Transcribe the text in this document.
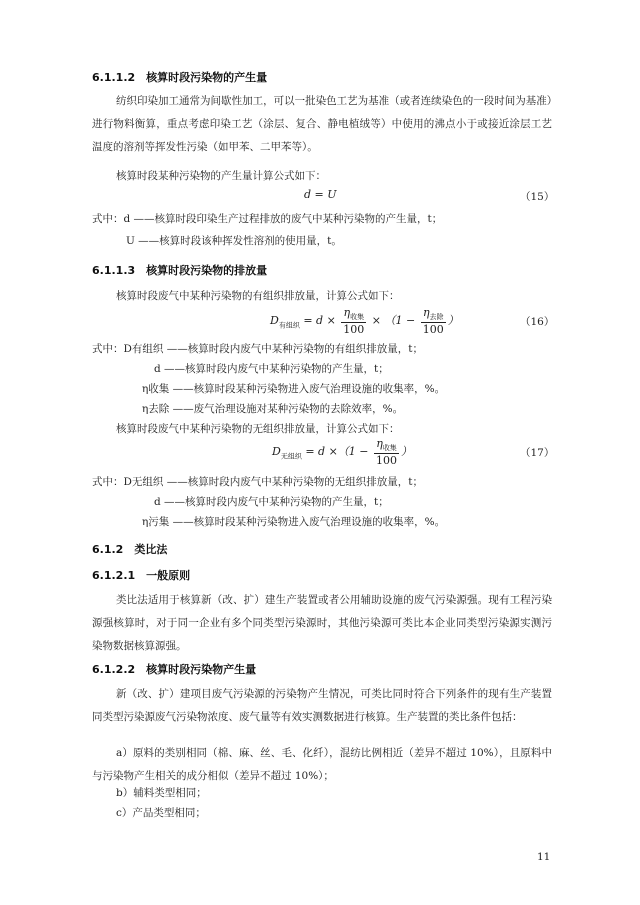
6.1.1.2　核算时段污染物的产生量
纺织印染加工通常为间歇性加工，可以一批染色工艺为基准（或者连续染色的一段时间为基准）进行物料衡算，重点考虑印染工艺（涂层、复合、静电植绒等）中使用的沸点小于或接近涂层工艺温度的溶剂等挥发性污染（如甲苯、二甲苯等）。
核算时段某种污染物的产生量计算公式如下：
d = U	（15）
式中：d ——核算时段印染生产过程排放的废气中某种污染物的产生量，t；
U ——核算时段该种挥发性溶剂的使用量，t。
6.1.1.3　核算时段污染物的排放量
核算时段废气中某种污染物的有组织排放量，计算公式如下：
$D_{有组织} = d \times \frac{\eta_{收集}}{100} \times (1 - \frac{\eta_{去除}}{100}$ ）	（16）
式中：D有组织 ——核算时段内废气中某种污染物的有组织排放量，t；
d ——核算时段内废气中某种污染物的产生量，t；
η收集 ——核算时段某种污染物进入废气治理设施的收集率，%。
η去除 ——废气治理设施对某种污染物的去除效率，%。
核算时段废气中某种污染物的无组织排放量，计算公式如下：
$D_{无组织} = d \times(1 - \frac{\eta_{收集}}{100}$ ）	（17）
式中：D无组织 ——核算时段内废气中某种污染物的无组织排放量，t；
d ——核算时段内废气中某种污染物的产生量，t；
η污集 ——核算时段某种污染物进入废气治理设施的收集率，%。
6.1.2　类比法
6.1.2.1　一般原则
类比法适用于核算新（改、扩）建生产装置或者公用辅助设施的废气污染源强。现有工程污染源强核算时，对于同一企业有多个同类型污染源时，其他污染源可类比本企业同类型污染源实测污染物数据核算源强。
6.1.2.2　核算时段污染物产生量
新（改、扩）建项目废气污染源的污染物产生情况，可类比同时符合下列条件的现有生产装置同类型污染源废气污染物浓度、废气量等有效实测数据进行核算。生产装置的类比条件包括：
a）原料的类别相同（棉、麻、丝、毛、化纤），混纺比例相近（差异不超过 10%），且原料中与污染物产生相关的成分相似（差异不超过 10%）；
b）辅料类型相同；
c）产品类型相同；
11
